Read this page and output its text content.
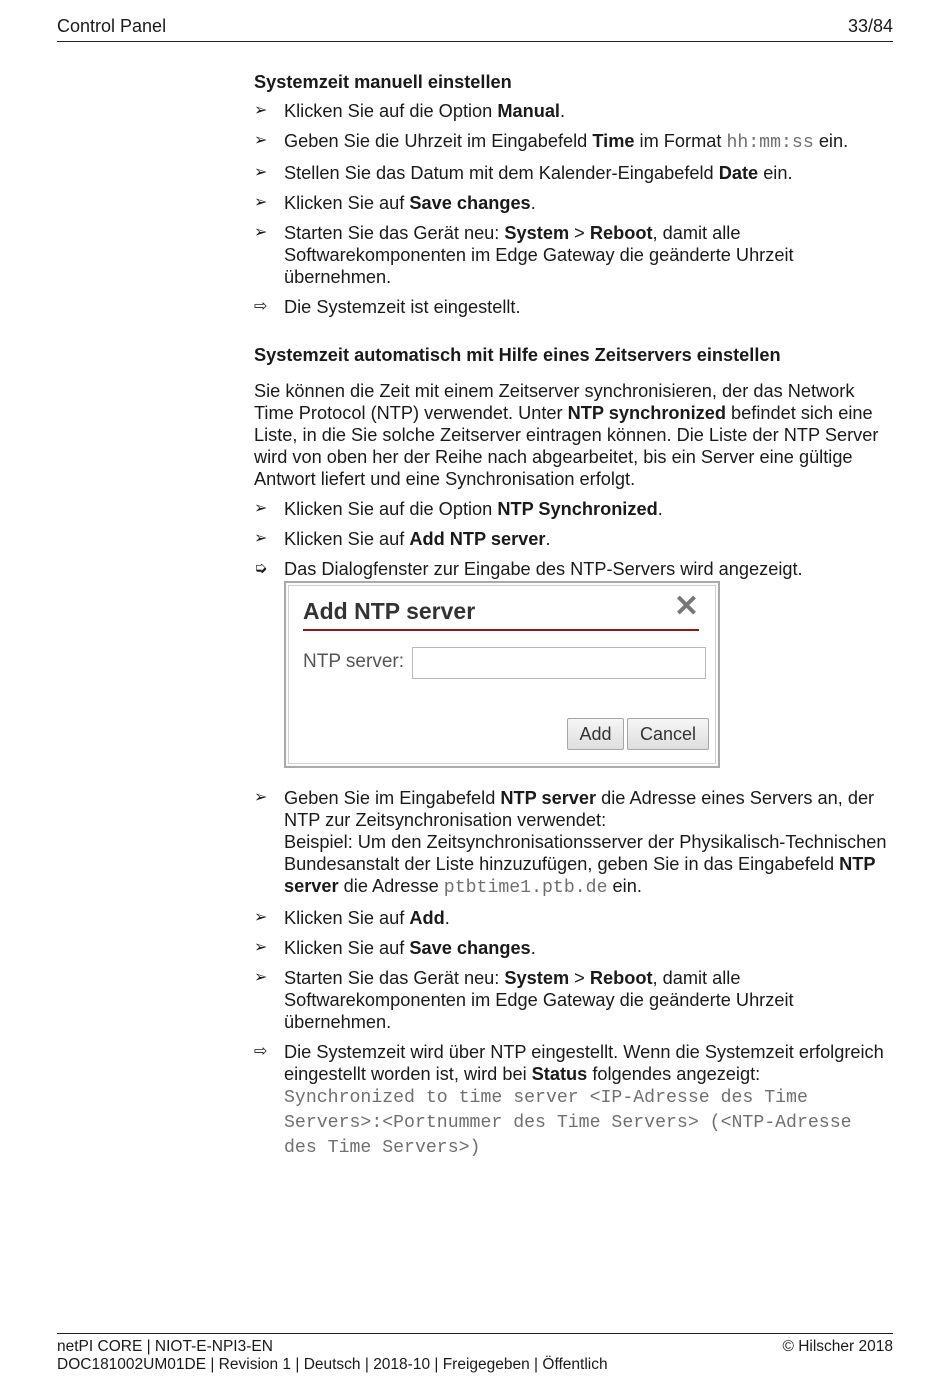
Control Panel	33/84
Systemzeit manuell einstellen
➢ Klicken Sie auf die Option Manual.
➢ Geben Sie die Uhrzeit im Eingabefeld Time im Format hh:mm:ss ein.
➢ Stellen Sie das Datum mit dem Kalender-Eingabefeld Date ein.
➢ Klicken Sie auf Save changes.
➢ Starten Sie das Gerät neu: System > Reboot, damit alle Softwarekomponenten im Edge Gateway die geänderte Uhrzeit übernehmen.
⇨ Die Systemzeit ist eingestellt.
Systemzeit automatisch mit Hilfe eines Zeitservers einstellen
Sie können die Zeit mit einem Zeitserver synchronisieren, der das Network Time Protocol (NTP) verwendet. Unter NTP synchronized befindet sich eine Liste, in die Sie solche Zeitserver eintragen können. Die Liste der NTP Server wird von oben her der Reihe nach abgearbeitet, bis ein Server eine gültige Antwort liefert und eine Synchronisation erfolgt.
➢ Klicken Sie auf die Option NTP Synchronized.
➢ Klicken Sie auf Add NTP server.
➭ Das Dialogfenster zur Eingabe des NTP-Servers wird angezeigt.
Add NTP server	✕
NTP server:
Add	Cancel
➢ Geben Sie im Eingabefeld NTP server die Adresse eines Servers an, der NTP zur Zeitsynchronisation verwendet:
Beispiel: Um den Zeitsynchronisationsserver der Physikalisch-Technischen Bundesanstalt der Liste hinzuzufügen, geben Sie in das Eingabefeld NTP server die Adresse ptbtime1.ptb.de ein.
➢ Klicken Sie auf Add.
➢ Klicken Sie auf Save changes.
➢ Starten Sie das Gerät neu: System > Reboot, damit alle Softwarekomponenten im Edge Gateway die geänderte Uhrzeit übernehmen.
⇨ Die Systemzeit wird über NTP eingestellt. Wenn die Systemzeit erfolgreich eingestellt worden ist, wird bei Status folgendes angezeigt:
Synchronized to time server <IP-Adresse des Time Servers>:<Portnummer des Time Servers> (<NTP-Adresse des Time Servers>)
netPI CORE | NIOT-E-NPI3-EN	© Hilscher 2018
DOC181002UM01DE | Revision 1 | Deutsch | 2018-10 | Freigegeben | Öffentlich
